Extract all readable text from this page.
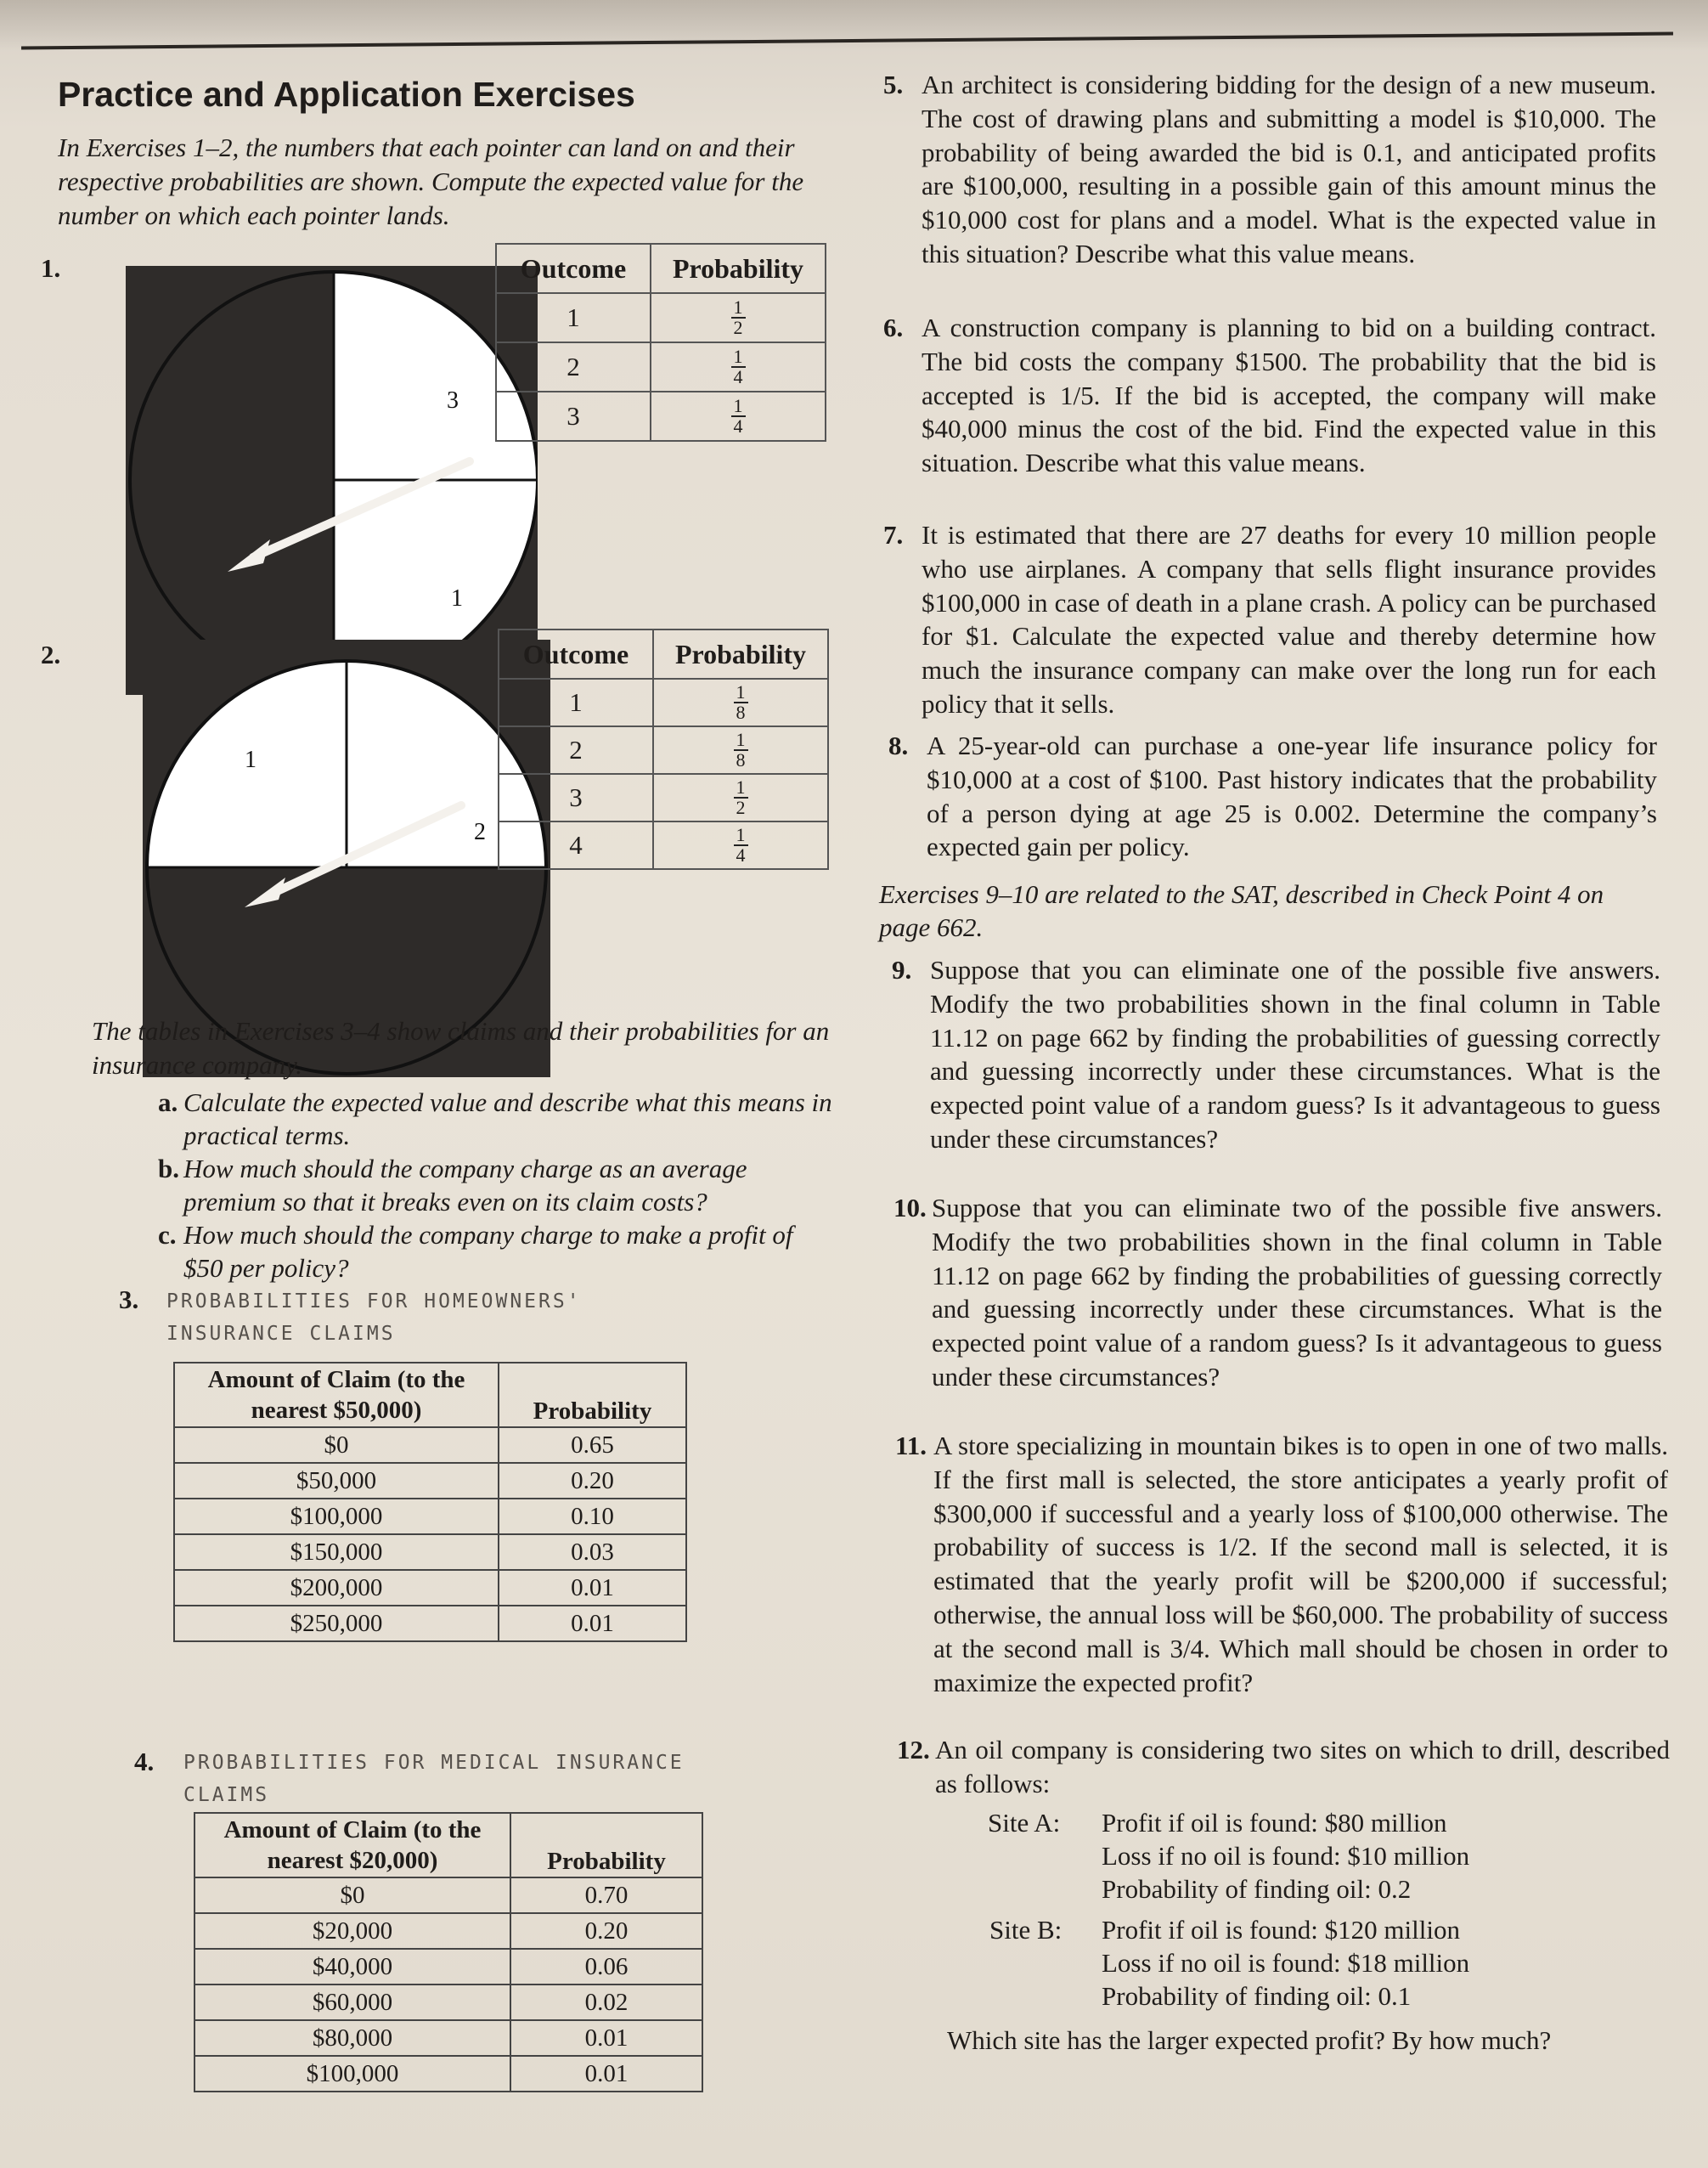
Practice and Application Exercises
In Exercises 1–2, the numbers that each pointer can land on and their respective probabilities are shown. Compute the expected value for the number on which each pointer lands.
1.
3
1
Outcome	Probability
1	$\frac{1}{2}$

2	$\frac{1}{4}$

3	$\frac{1}{4}$
2.
1
2
Outcome	Probability
1	$\frac{1}{8}$

2	$\frac{1}{8}$

3	$\frac{1}{2}$

4	$\frac{1}{4}$
The tables in Exercises 3–4 show claims and their probabilities for an insurance company.
a. Calculate the expected value and describe what this means in practical terms.
b. How much should the company charge as an average premium so that it breaks even on its claim costs?
c. How much should the company charge to make a profit of $50 per policy?
3. PROBABILITIES FOR HOMEOWNERS'
INSURANCE CLAIMS
Amount of Claim (to the nearest $50,000)	Probability
$0	0.65
$50,000	0.20
$100,000	0.10
$150,000	0.03
$200,000	0.01
$250,000	0.01
4. PROBABILITIES FOR MEDICAL INSURANCE
CLAIMS
Amount of Claim (to the nearest $20,000)	Probability
$0	0.70
$20,000	0.20
$40,000	0.06
$60,000	0.02
$80,000	0.01
$100,000	0.01
5. An architect is considering bidding for the design of a new museum. The cost of drawing plans and submitting a model is $10,000. The probability of being awarded the bid is 0.1, and anticipated profits are $100,000, resulting in a possible gain of this amount minus the $10,000 cost for plans and a model. What is the expected value in this situation? Describe what this value means.
6. A construction company is planning to bid on a building contract. The bid costs the company $1500. The probability that the bid is accepted is 1/5. If the bid is accepted, the company will make $40,000 minus the cost of the bid. Find the expected value in this situation. Describe what this value means.
7. It is estimated that there are 27 deaths for every 10 million people who use airplanes. A company that sells flight insurance provides $100,000 in case of death in a plane crash. A policy can be purchased for $1. Calculate the expected value and thereby determine how much the insurance company can make over the long run for each policy that it sells.
8. A 25-year-old can purchase a one-year life insurance policy for $10,000 at a cost of $100. Past history indicates that the probability of a person dying at age 25 is 0.002. Determine the company’s expected gain per policy.
Exercises 9–10 are related to the SAT, described in Check Point 4 on page 662.
9. Suppose that you can eliminate one of the possible five answers. Modify the two probabilities shown in the final column in Table 11.12 on page 662 by finding the probabilities of guessing correctly and guessing incorrectly under these circumstances. What is the expected point value of a random guess? Is it advantageous to guess under these circumstances?
10. Suppose that you can eliminate two of the possible five answers. Modify the two probabilities shown in the final column in Table 11.12 on page 662 by finding the probabilities of guessing correctly and guessing incorrectly under these circumstances. What is the expected point value of a random guess? Is it advantageous to guess under these circumstances?
11. A store specializing in mountain bikes is to open in one of two malls. If the first mall is selected, the store anticipates a yearly profit of $300,000 if successful and a yearly loss of $100,000 otherwise. The probability of success is 1/2. If the second mall is selected, it is estimated that the yearly profit will be $200,000 if successful; otherwise, the annual loss will be $60,000. The probability of success at the second mall is 3/4. Which mall should be chosen in order to maximize the expected profit?
12. An oil company is considering two sites on which to drill, described as follows:
Site A: Profit if oil is found: $80 million
Loss if no oil is found: $10 million
Probability of finding oil: 0.2
Site B: Profit if oil is found: $120 million
Loss if no oil is found: $18 million
Probability of finding oil: 0.1
Which site has the larger expected profit? By how much?
